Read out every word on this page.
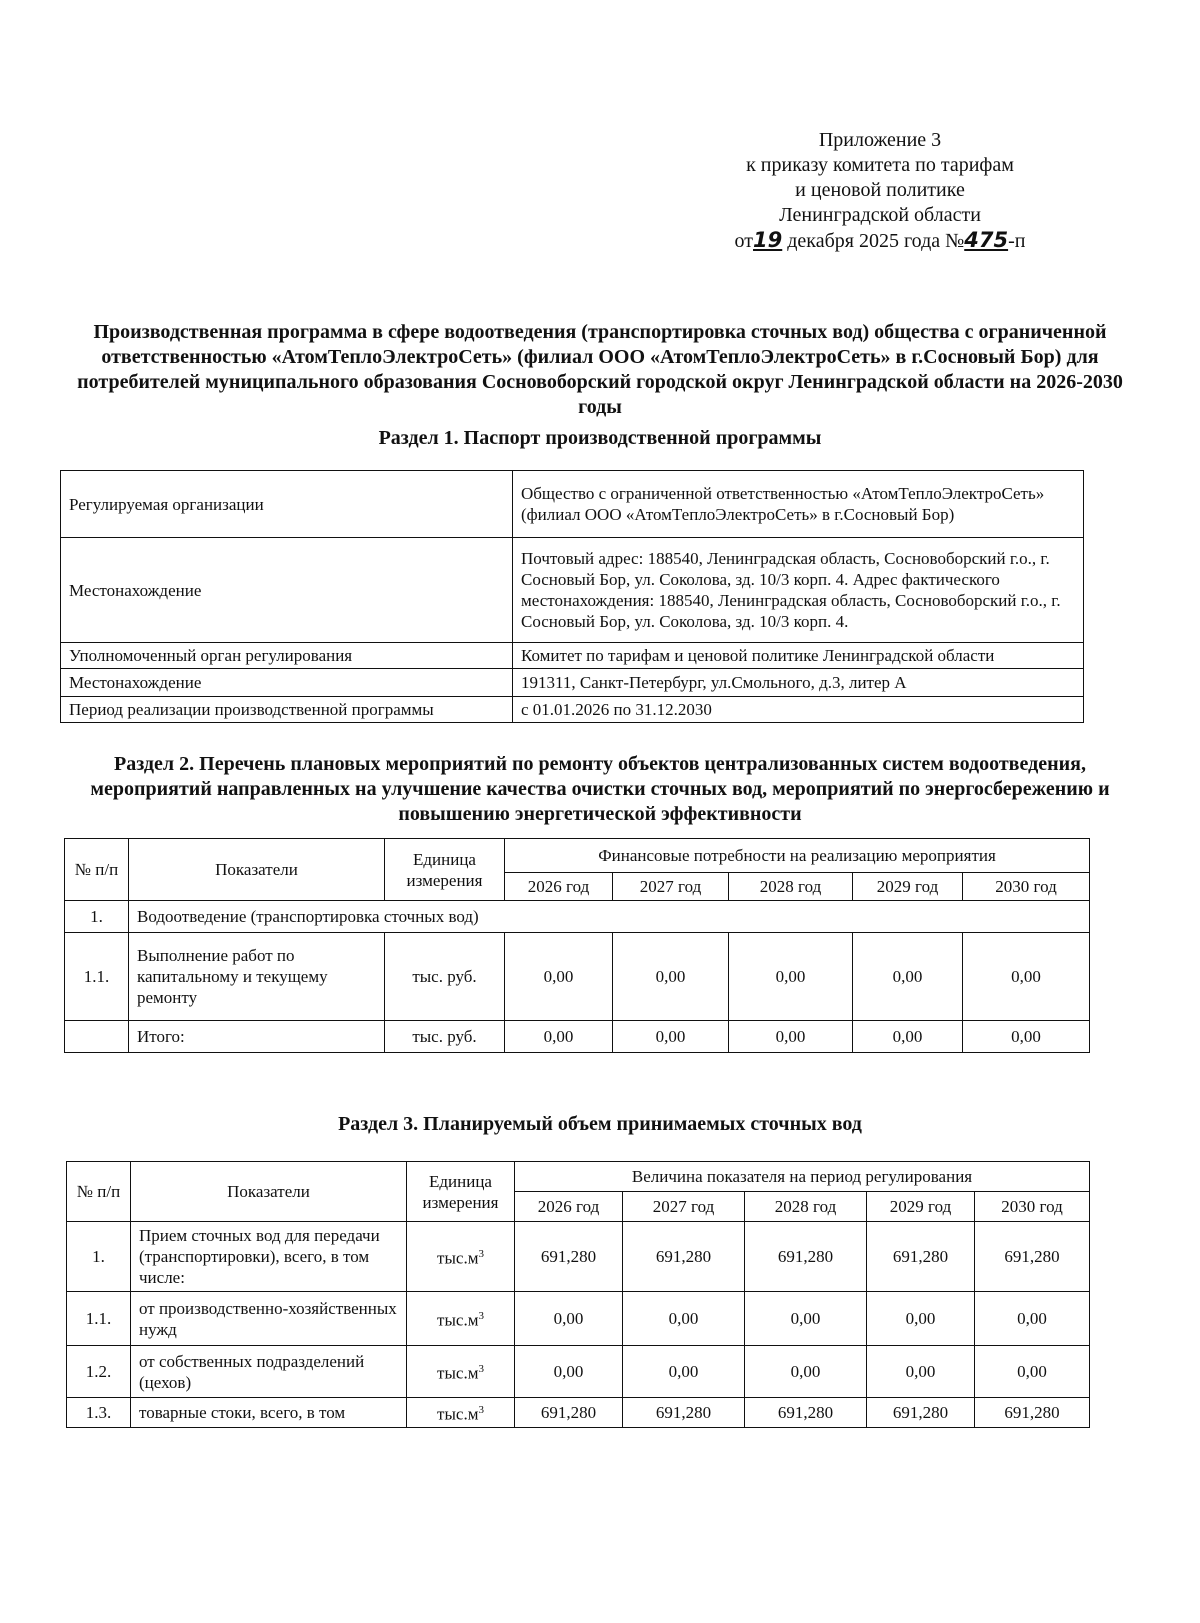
Приложение 3
к приказу комитета по тарифам
и ценовой политике
Ленинградской области
от19 декабря 2025 года №475-п
Производственная программа в сфере водоотведения (транспортировка сточных вод) общества с ограниченной ответственностью «АтомТеплоЭлектроСеть» (филиал ООО «АтомТеплоЭлектроСеть» в г.Сосновый Бор) для потребителей муниципального образования Сосновоборский городской округ Ленинградской области на 2026-2030 годы
Раздел 1. Паспорт производственной программы
Регулируемая организации	Общество с ограниченной ответственностью «АтомТеплоЭлектроСеть» (филиал ООО «АтомТеплоЭлектроСеть» в г.Сосновый Бор)
Местонахождение	Почтовый адрес: 188540, Ленинградская область, Сосновоборский г.о., г. Сосновый Бор, ул. Соколова, зд. 10/3 корп. 4. Адрес фактического местонахождения: 188540, Ленинградская область, Сосновоборский г.о., г. Сосновый Бор, ул. Соколова, зд. 10/3 корп. 4.
Уполномоченный орган регулирования	Комитет по тарифам и ценовой политике Ленинградской области
Местонахождение	191311, Санкт-Петербург, ул.Смольного, д.3, литер А
Период реализации производственной программы	с 01.01.2026 по 31.12.2030
Раздел 2. Перечень плановых мероприятий по ремонту объектов централизованных систем водоотведения, мероприятий направленных на улучшение качества очистки сточных вод, мероприятий по энергосбережению и повышению энергетической эффективности
№ п/п	Показатели	Единица измерения	Финансовые потребности на реализацию мероприятия				
			2026 год	2027 год	2028 год	2029 год	2030 год
1.	Водоотведение (транспортировка сточных вод)						
1.1.	Выполнение работ по капитальному и текущему ремонту	тыс. руб.	0,00	0,00	0,00	0,00	0,00
	Итого:	тыс. руб.	0,00	0,00	0,00	0,00	0,00
Раздел 3. Планируемый объем принимаемых сточных вод
№ п/п	Показатели	Единица измерения	Величина показателя на период регулирования				
			2026 год	2027 год	2028 год	2029 год	2030 год
1.	Прием сточных вод для передачи (транспортировки), всего, в том числе:	$тыс.м^3$	691,280	691,280	691,280	691,280	691,280
1.1.	от производственно-хозяйственных нужд	$тыс.м^3$	0,00	0,00	0,00	0,00	0,00
1.2.	от собственных подразделений (цехов)	$тыс.м^3$	0,00	0,00	0,00	0,00	0,00
1.3.	товарные стоки, всего, в том	$тыс.м^3$	691,280	691,280	691,280	691,280	691,280
